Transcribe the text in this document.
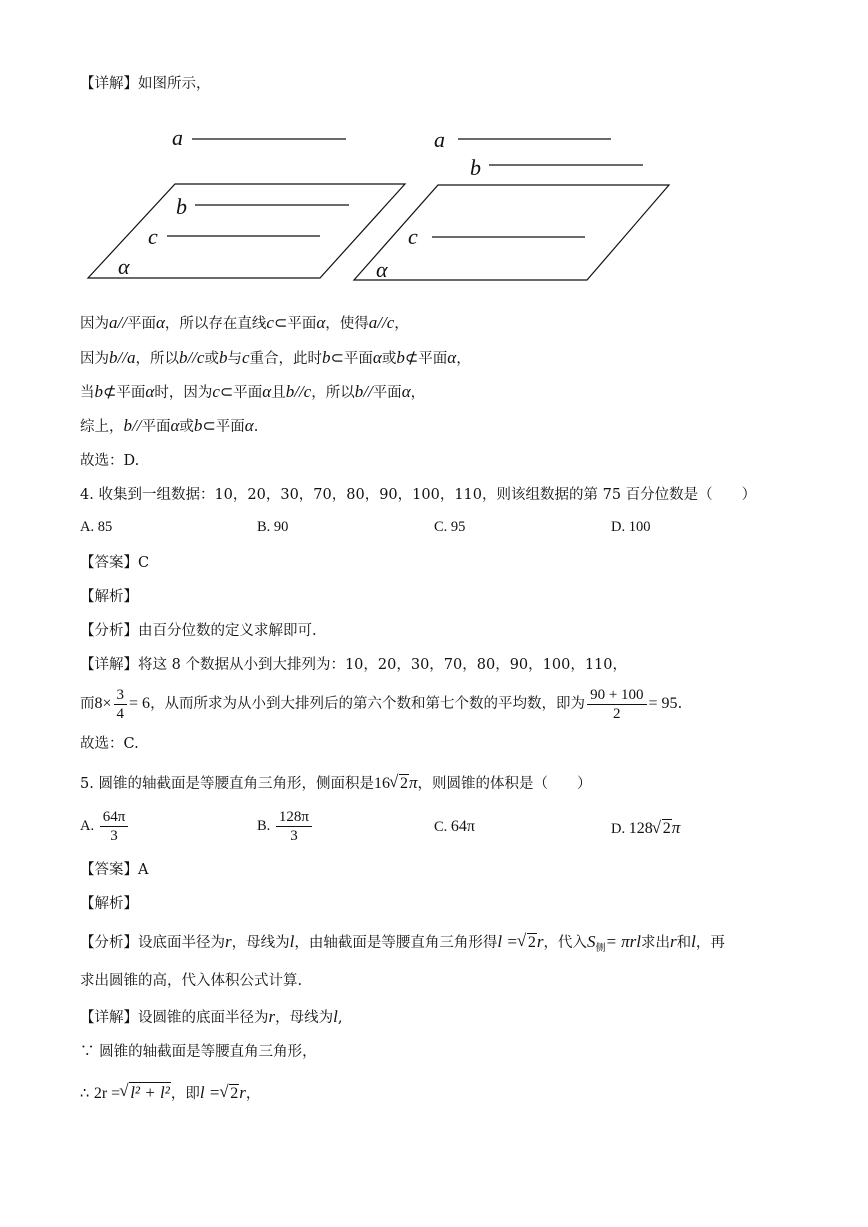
【详解】如图所示，
a
b
c
α
a
b
c
α
因为a//平面α，所以存在直线c⊂平面α，使得a//c，
因为b//a，所以b//c或b与c重合，此时b⊂平面α或b⊄平面α，
当b⊄平面α时，因为c⊂平面α且b//c，所以b//平面α，
综上，b//平面α或b⊂平面α.
故选：D.
4. 收集到一组数据：10，20，30，70，80，90，100，110，则该组数据的第 75 百分位数是（　　）
A. 85	B. 90	C. 95	D. 100
【答案】C
【解析】
【分析】由百分位数的定义求解即可.
【详解】将这 8 个数据从小到大排列为：10，20，30，70，80，90，100，110，
而$8\times \frac{3}{4} = 6$，从而所求为从小到大排列后的第六个数和第七个数的平均数，即为 $\frac{90 + 100}{2} = 95$.
故选：C.
5. 圆锥的轴截面是等腰直角三角形，侧面积是16 √ 2π，则圆锥的体积是（　　）
A. $\frac{64\pi}{3}$	B. $\frac{128\pi}{3}$	C. 64π	D. 128 √ 2π
【答案】A
【解析】
【分析】设底面半径为r，母线为l，由轴截面是等腰直角三角形得l = √ 2r，代入$S_侧= \pi rl$求出r和l，再
求出圆锥的高，代入体积公式计算.
【详解】设圆锥的底面半径为r，母线为l,
∵ 圆锥的轴截面是等腰直角三角形，
∴ 2r = √ l² + l²，即l = √ 2r，
